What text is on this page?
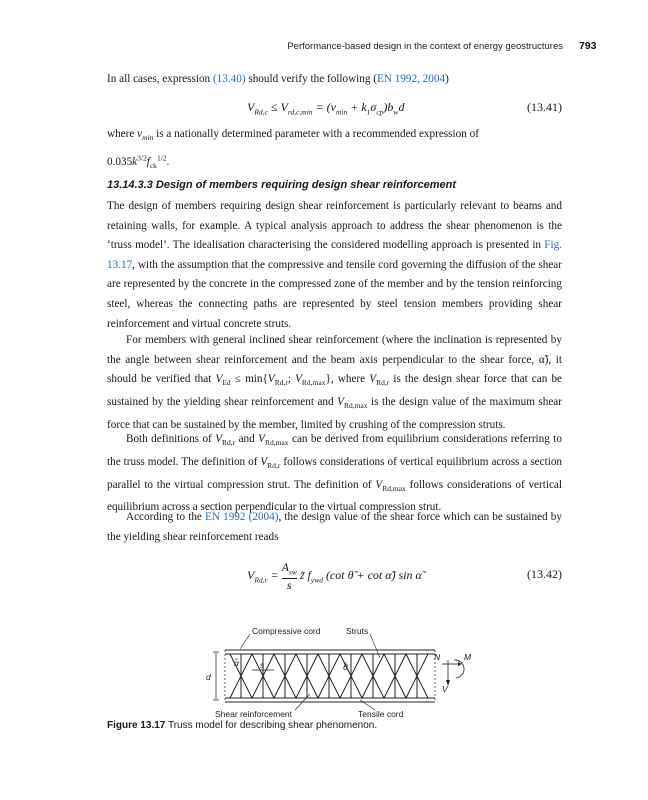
Performance-based design in the context of energy geostructures 793

In all cases, expression (13.40) should verify the following (EN 1992, 2004)

$V_{Rd,c} \le V_{rd,c,min} = (v_{min} + k_1\sigma_{cp})b_wd$	(13.41)

where $v_{min}$ is a nationally determined parameter with a recommended expression of
$0.035k^{3/2}f_{ck}^{1/2}$.

13.14.3.3 Design of members requiring design shear reinforcement

The design of members requiring design shear reinforcement is particularly relevant to beams and retaining walls, for example. A typical analysis approach to address the shear phenomenon is the ‘truss model’. The idealisation characterising the considered modelling approach is presented in Fig. 13.17, with the assumption that the compressive and tensile cord governing the diffusion of the shear are represented by the concrete in the compressed zone of the member and by the tension reinforcing steel, whereas the connecting paths are represented by steel tension members providing shear reinforcement and virtual concrete struts.

For members with general inclined shear reinforcement (where the inclination is represented by the angle between shear reinforcement and the beam axis perpendicular to the shear force, α̃), it should be verified that $V_{Ed} \le \min\{V_{Rd,r}$; $V_{Rd,max}$}, where $V_{Rd,r}$ is the design shear force that can be sustained by the yielding shear reinforcement and $V_{Rd,max}$ is the design value of the maximum shear force that can be sustained by the member, limited by crushing of the compression struts.

Both definitions of $V_{Rd,r}$ and $V_{Rd,max}$ can be derived from equilibrium considerations referring to the truss model. The definition of $V_{Rd,r}$ follows considerations of vertical equilibrium across a section parallel to the virtual compression strut. The definition of $V_{Rd,max}$ follows considerations of vertical equilibrium across a section perpendicular to the virtual compression strut.

According to the EN 1992 (2004), the design value of the shear force which can be sustained by the yielding shear reinforcement reads

$V_{Rd,r}$ =
$A_{sw}$
s
z̃ $f_{ywd}$ (cot θ̃ + cot α̃) sin α̃	(13.42)
d
s
α̃	θ̃
Compressive cord	Struts
Shear reinforcement	Tensile cord
N	M
V
Figure 13.17 Truss model for describing shear phenomenon.
